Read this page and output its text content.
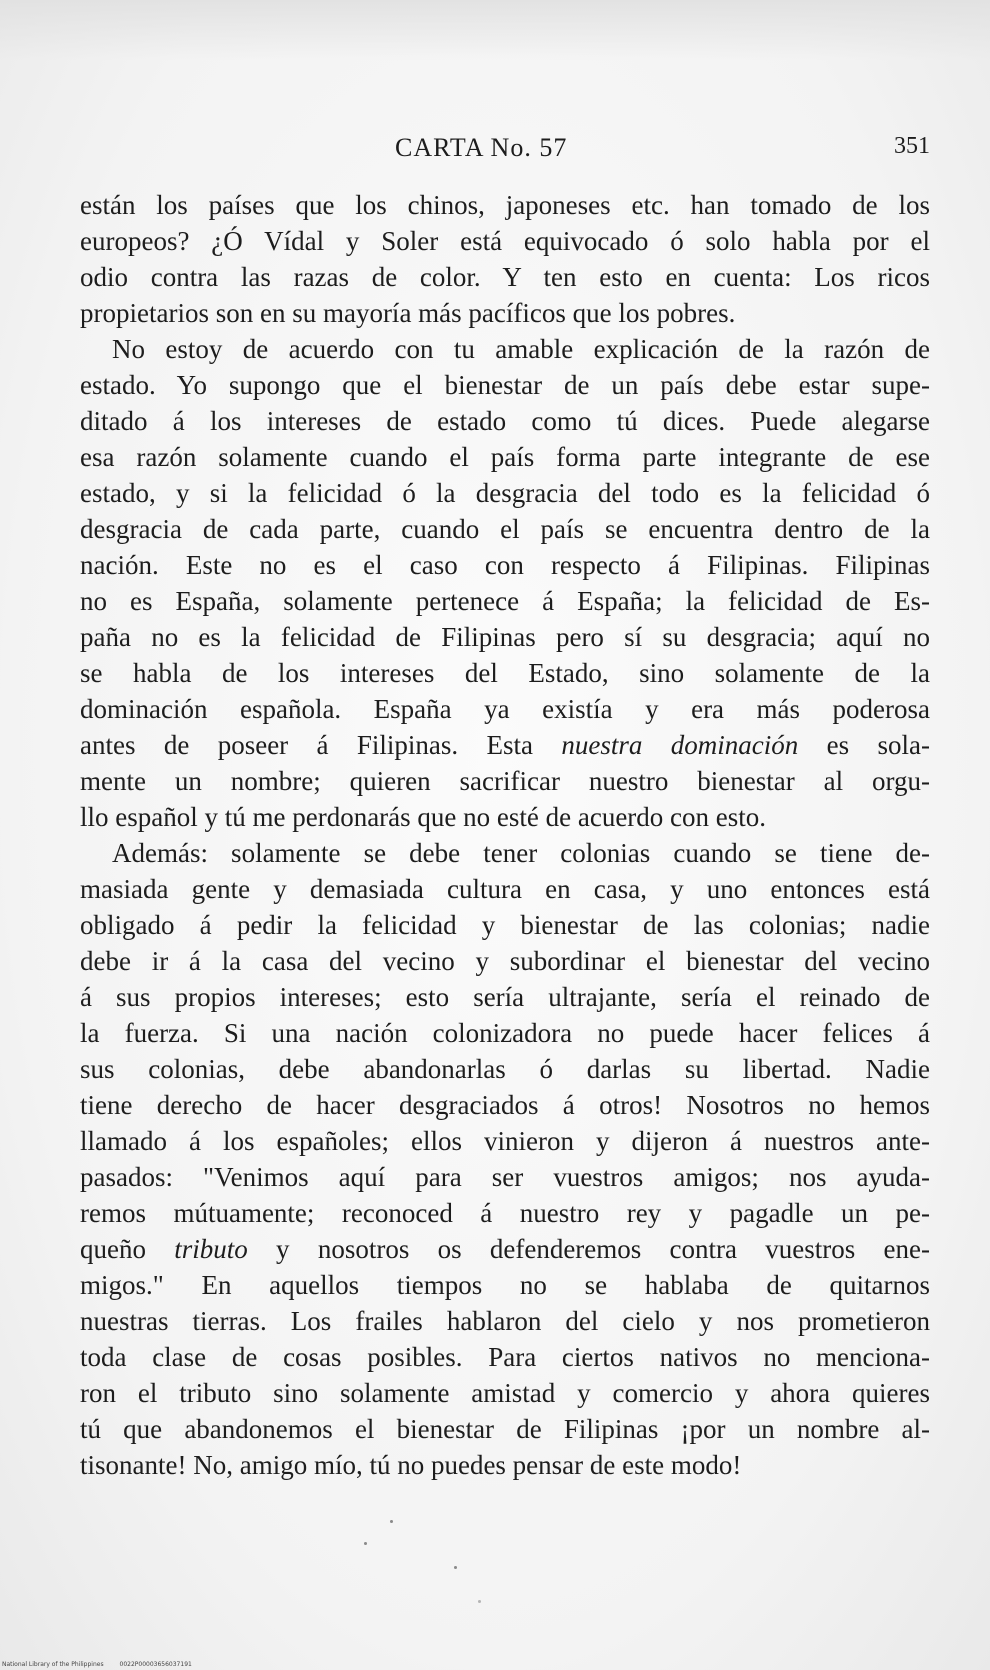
CARTA No. 57	351
están los países que los chinos, japoneses etc. han tomado de los
europeos? ¿Ó Vídal y Soler está equivocado ó solo habla por el
odio contra las razas de color. Y ten esto en cuenta: Los ricos
propietarios son en su mayoría más pacíficos que los pobres.
No estoy de acuerdo con tu amable explicación de la razón de
estado. Yo supongo que el bienestar de un país debe estar supe-
ditado á los intereses de estado como tú dices. Puede alegarse
esa razón solamente cuando el país forma parte integrante de ese
estado, y si la felicidad ó la desgracia del todo es la felicidad ó
desgracia de cada parte, cuando el país se encuentra dentro de la
nación. Este no es el caso con respecto á Filipinas. Filipinas
no es España, solamente pertenece á España; la felicidad de Es-
paña no es la felicidad de Filipinas pero sí su desgracia; aquí no
se habla de los intereses del Estado, sino solamente de la
dominación española. España ya existía y era más poderosa
antes de poseer á Filipinas. Esta nuestra dominación es sola-
mente un nombre; quieren sacrificar nuestro bienestar al orgu-
llo español y tú me perdonarás que no esté de acuerdo con esto.
Además: solamente se debe tener colonias cuando se tiene de-
masiada gente y demasiada cultura en casa, y uno entonces está
obligado á pedir la felicidad y bienestar de las colonias; nadie
debe ir á la casa del vecino y subordinar el bienestar del vecino
á sus propios intereses; esto sería ultrajante, sería el reinado de
la fuerza. Si una nación colonizadora no puede hacer felices á
sus colonias, debe abandonarlas ó darlas su libertad. Nadie
tiene derecho de hacer desgraciados á otros! Nosotros no hemos
llamado á los españoles; ellos vinieron y dijeron á nuestros ante-
pasados: "Venimos aquí para ser vuestros amigos; nos ayuda-
remos mútuamente; reconoced á nuestro rey y pagadle un pe-
queño tributo y nosotros os defenderemos contra vuestros ene-
migos." En aquellos tiempos no se hablaba de quitarnos
nuestras tierras. Los frailes hablaron del cielo y nos prometieron
toda clase de cosas posibles. Para ciertos nativos no menciona-
ron el tributo sino solamente amistad y comercio y ahora quieres
tú que abandonemos el bienestar de Filipinas ¡por un nombre al-
tisonante! No, amigo mío, tú no puedes pensar de este modo!
National Library of the Philippines	0022P00003656037191
